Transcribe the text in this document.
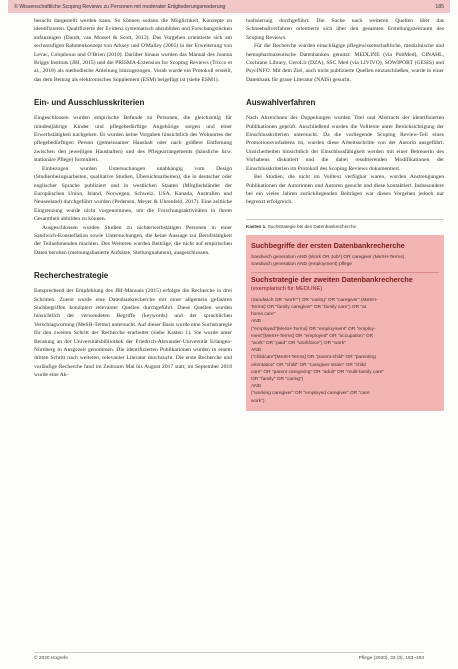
© Wissenschaftliche Scoping Reviews zu Personen mit moderater Entgliederungsmoderung	185

besucht dargestellt werden kann. So können sodann die Möglichkeit, Konzepte zu identifizieren. Qualifizierte der Evidenz systematisch abzubilden und Forschungslücken aufzuzeigen (Daudt, van Mossel & Scott, 2013). Das Vorgehen orientierte sich am sechsstufigen Rahmenkonzept von Arksey und O'Malley (2005) in der Erweiterung von Levac, Colquhoun und O'Brien (2010). Darüber hinaus wurden das Manual des Joanna Briggs Instituts (JBI, 2015) und die PRISMA-Extension for Scoping Reviews (Tricco et al., 2018) als methodische Anleitung hinzugezogen. Vorab wurde ein Protokoll erstellt, das dem Beitrag als elektronisches Supplement (ESM) beigefügt ist (siehe ESM1).

Ein- und Ausschlusskriterien

Eingeschlossen wurden empirische Befunde zu Personen, die gleichzeitig für mindestjährige Kinder und pflegebedürftige Angehörige sorgen und einer Erwerbstätigkeit nachgehen. Es wurden keine Vorgaben hinsichtlich des Wohnortes der pflegebedürftigen Person (gemeinsamer Haushalt oder nach größere Entfernung zwischen den jeweiligen Haushalten) und des Pflegearrangements (häusliche bzw. stationäre Pflege) formuliert.

Einbezogen wurden Untersuchungen unabhängig vom Design (Studienbezugsarbeiten, qualitative Studien, Übersichtsarbeiten), die in deutscher oder englischer Sprache publiziert und in westlichen Staaten (Mitgliedsländer der Europäischen Union, Island, Norwegen, Schweiz, USA, Kanada, Australien und Neuseeland) durchgeführt wurden (Pedersen, Meyer & Uhrenfeld, 2017). Eine zeitliche Eingrenzung wurde nicht vorgenommen, um die Forschungsaktivitäten in ihrem Gesamtheit abbilden zu können.

Ausgeschlossen wurden Studien zu nichterwerbstätigen Personen in einer Sandwich-Konstellation sowie Untersuchungen, die keine Aussage zur Berufstätigkeit der Teilnehmenden machten. Des Weiteren wurden Beiträge, die nicht auf empirischen Daten beruhen (meinungsbasierte Aufsätze, Stellungnahmen), ausgeschlossen.

Recherchestrategie

Entsprechend der Empfehlung des JBI-Manuals (2015) erfolgte die Recherche in drei Schritten. Zuerst wurde eine Datenbankrecherche mit einer allgemein gefassten Suchbegriffen konzipiert relevanter Quellen durchgeführt. Diese Quellen wurden hinsichtlich der verwendeten Begriffe (keywords) und der sprachlichen Verschlagwortung (MeSH-Terms) untersucht. Auf dieser Basis wurde eine Suchstrategie für den zweiten Schritt der Recherche erarbeitet (siehe Kasten 1). Sie wurde unter Beratung an der Universitätsbibliothek der Friedrich-Alexander-Universität Erlangen-Nürnberg in Ausgezeit genommen. Die identifizierten Publikationen wurden in einem dritten Schritt nach weiteren, relevanter Literatur durchsucht. Die erste Recherche und vorläufige Recherche fand im Zeitraum Mai bis August 2017 statt; im September 2018 wurde eine Ak-

tualisierung durchgeführt. Die Suche nach weiteren Quellen über das Schneeballverfahren orientierte sich über den gesamten Erstellungszeitraum des Scoping Reviews.

Für die Recherche wurden einschlägige pflegewissenschaftliche, medizinische und hemopharmazeutische Datenbanken genutzt: MEDLINE (via PubMed), CINAHL, Cochrane Library, GeroLit (DZA), SSC Med (via LIVIVO), SOWIPORT (GESIS) und PsycINFO. Mit dem Ziel, auch nicht publizierte Quellen einzuschließen, wurde in einer Datenbank für graue Literatur (NAIS) gesucht.

Auswahlverfahren

Nach Abzeichnen der Doppelungen wurden Titel und Abstracts der identifizierten Publikationen geprüft. Anschließend wurden die Volltexte unter Berücksichtigung der Einschlusskriterien untersucht. Da die vorliegende Scoping Review-Teil eines Promotionsvorhabens ist, wurden diese Arbeitsschritte von der Autorin ausgeführt. Unsicherheiten hinsichtlich der Einschlussfähigkeit werden mit einer Betreuerin des Vorhabens diskutiert und die dabei resultierenden Modifikationen der Einschlusskriterien im Protokoll des Scoping Reviews dokumentiert.

Bei Studien, die nicht im Volltext verfügbar waren, wurden Anstrengungen Publikationen der Autorinnen und Autoren gesucht und diese kontaktiert. Insbesondere bei ein vieles Jahren zurückliegenden Beiträgen war dieses Vorgehen jedoch nur begrenzt erfolgreich.

Kasten 1. Suchstrategie bei den Datenbankrecherche
Suchbegriffe der ersten Datenbankrecherche

Sandwich generation AND (Work OR Job*) OR caregiver (MeSH-Terms)

Sandwich generation AND (employment) pflege

Suchstrategie der zweiten Datenbankrecherche (exemplarisch für MEDLINE)

(Sandwich OR "work*") OR "caring" OR "caregiver" (MeSH-

Terms) OR "family caregiver" OR "family care") OR "at

home care"

AND

("employed"[MeSH-Terms] OR "employment" OR "employ-

ment"[MeSH-Terms] OR "employed" OR "occupation" OR

"work" OR "paid" OR "workforce") OR "work"

AND

("childcare"[MeSH-Terms] OR "parent-child" OR "parenting

orientation" OR "child" OR "caregiver strain" OR "child

care" OR "parent caregiving" OR "adult" OR "multi-family care"

OR "family" OR "caring")

AND

("working caregiver" OR "employed caregiver" OR "care

work")

© 2020 Hogrefe	Pflege (2020), 33 (3), 183–193
